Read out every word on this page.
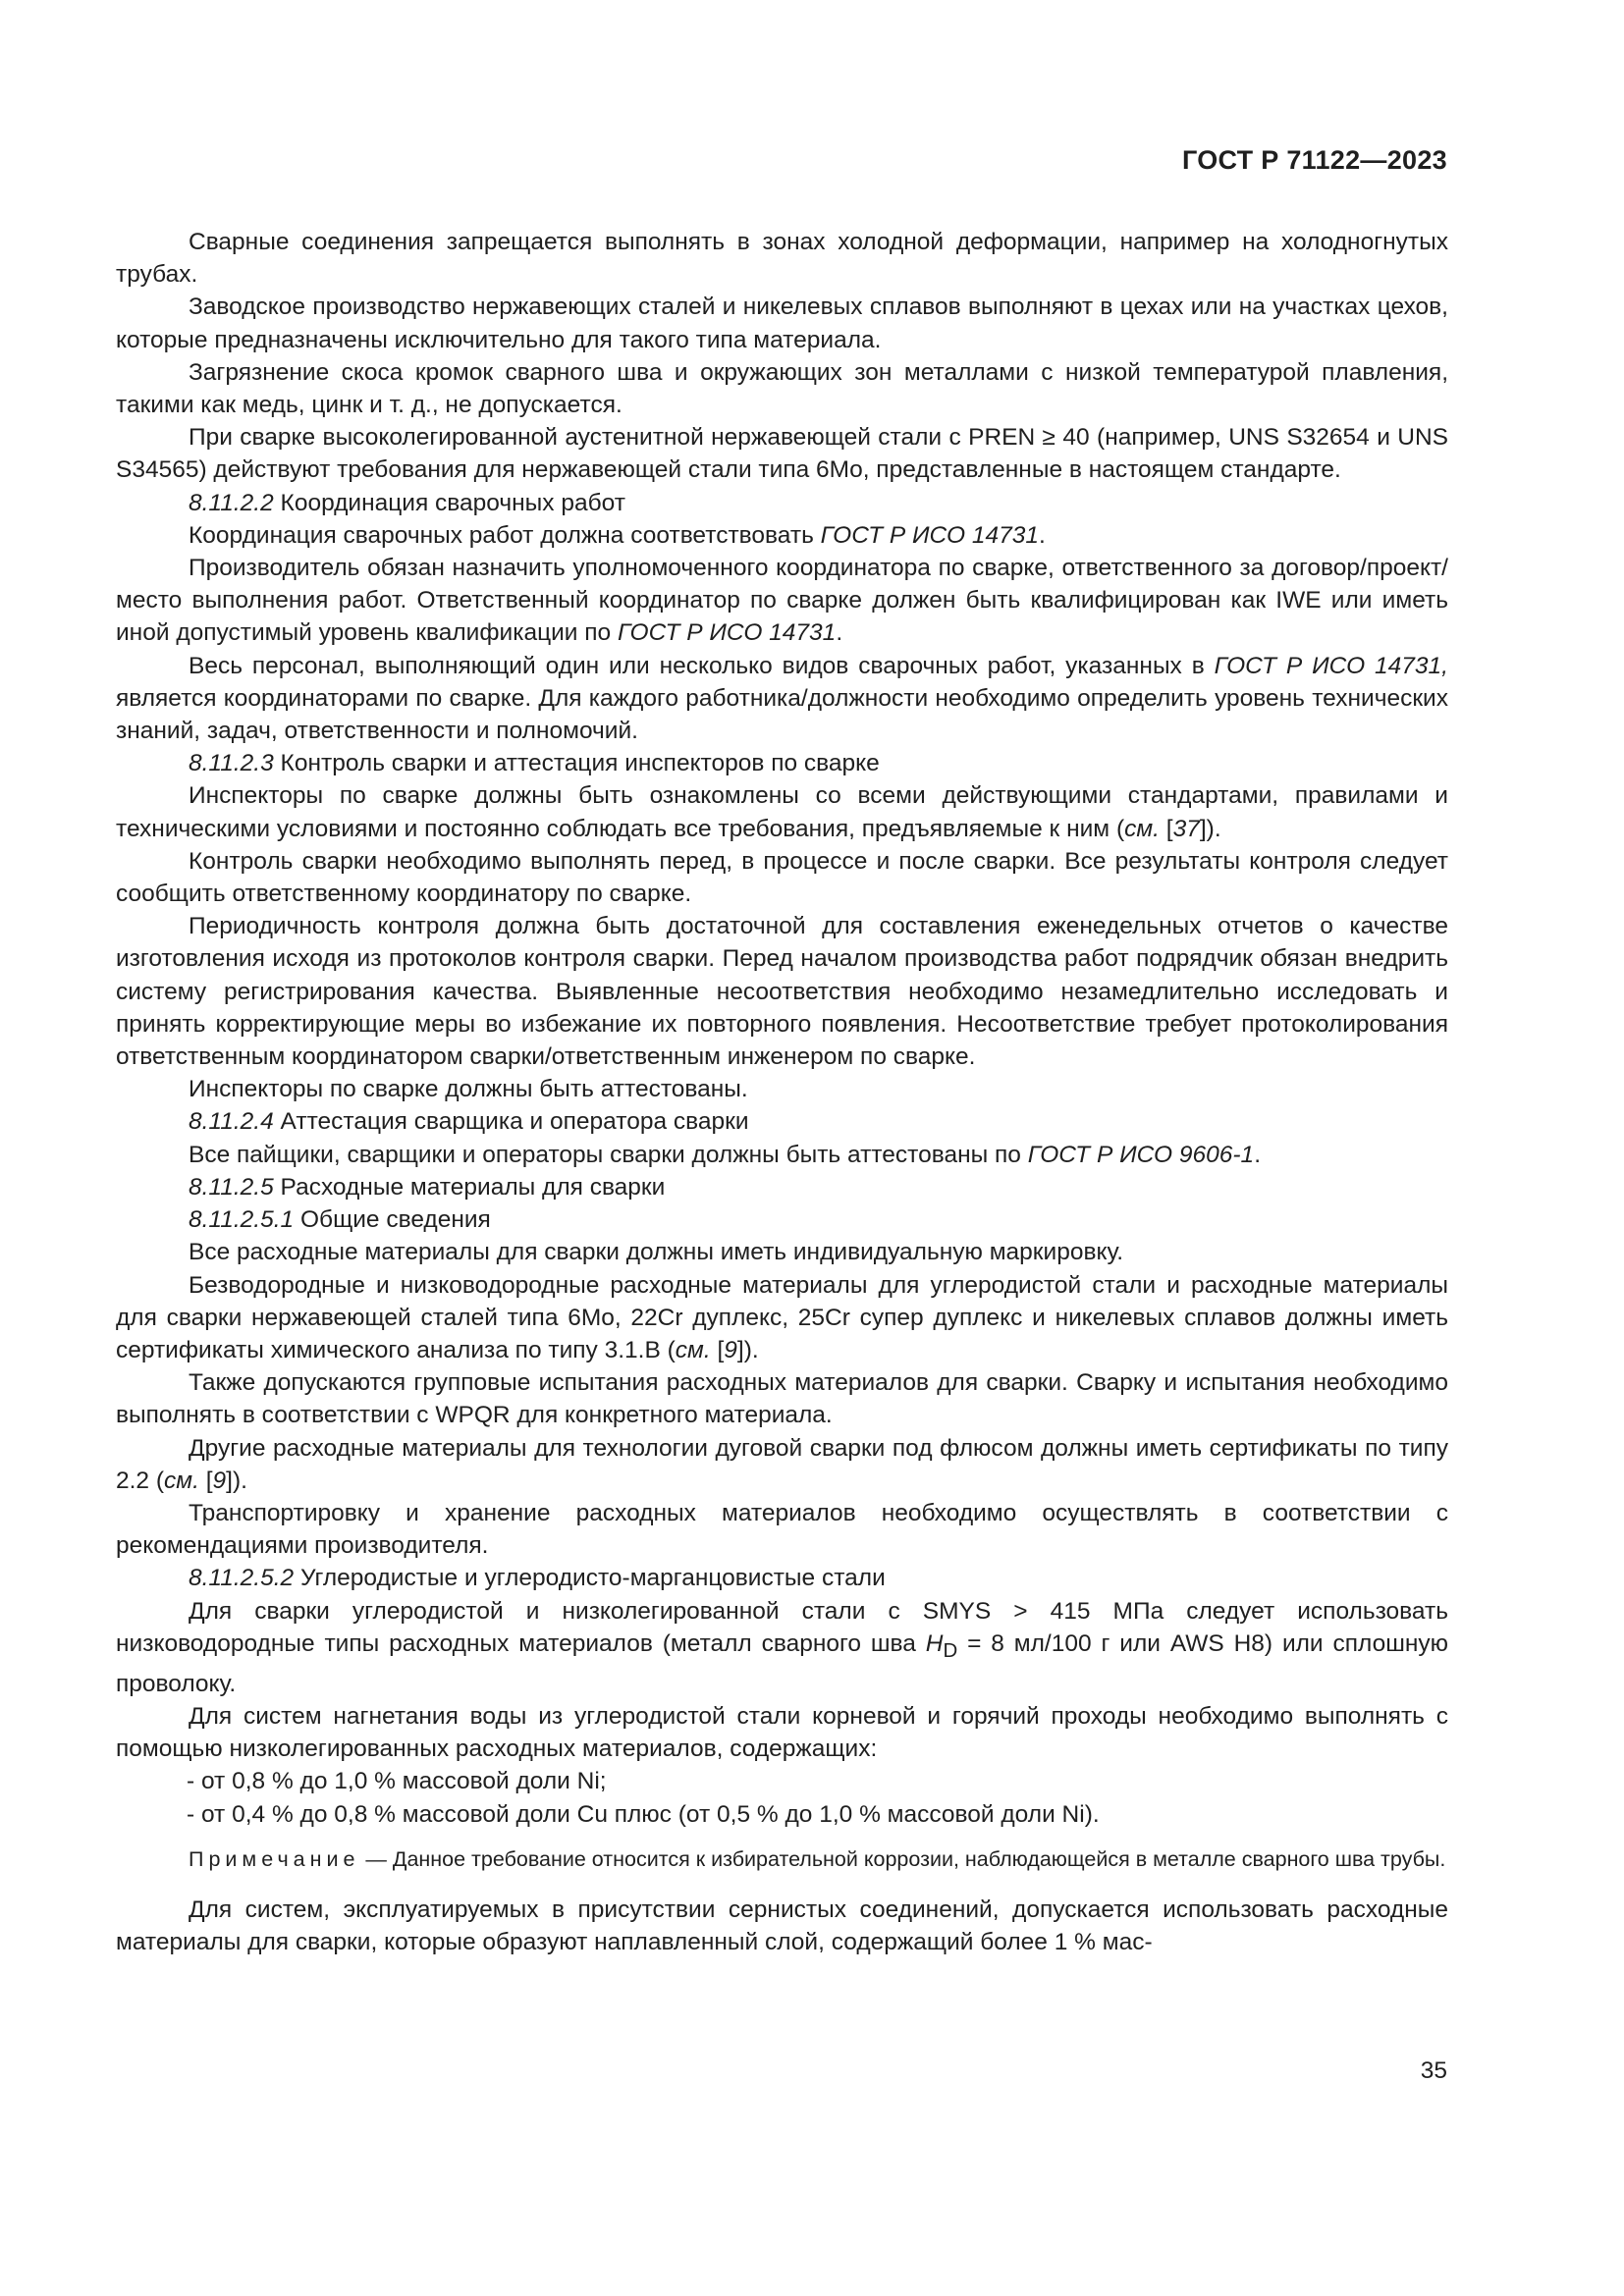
ГОСТ Р 71122—2023

Сварные соединения запрещается выполнять в зонах холодной деформации, например на холодногнутых трубах.

Заводское производство нержавеющих сталей и никелевых сплавов выполняют в цехах или на участках цехов, которые предназначены исключительно для такого типа материала.

Загрязнение скоса кромок сварного шва и окружающих зон металлами с низкой температурой плавления, такими как медь, цинк и т. д., не допускается.

При сварке высоколегированной аустенитной нержавеющей стали с PREN ≥ 40 (например, UNS S32654 и UNS S34565) действуют требования для нержавеющей стали типа 6Mo, представленные в настоящем стандарте.

8.11.2.2 Координация сварочных работ

Координация сварочных работ должна соответствовать ГОСТ Р ИСО 14731.

Производитель обязан назначить уполномоченного координатора по сварке, ответственного за договор/проект/место выполнения работ. Ответственный координатор по сварке должен быть квалифицирован как IWE или иметь иной допустимый уровень квалификации по ГОСТ Р ИСО 14731.

Весь персонал, выполняющий один или несколько видов сварочных работ, указанных в ГОСТ Р ИСО 14731, является координаторами по сварке. Для каждого работника/должности необходимо определить уровень технических знаний, задач, ответственности и полномочий.

8.11.2.3 Контроль сварки и аттестация инспекторов по сварке

Инспекторы по сварке должны быть ознакомлены со всеми действующими стандартами, правилами и техническими условиями и постоянно соблюдать все требования, предъявляемые к ним (см. [37]).

Контроль сварки необходимо выполнять перед, в процессе и после сварки. Все результаты контроля следует сообщить ответственному координатору по сварке.

Периодичность контроля должна быть достаточной для составления еженедельных отчетов о качестве изготовления исходя из протоколов контроля сварки. Перед началом производства работ подрядчик обязан внедрить систему регистрирования качества. Выявленные несоответствия необходимо незамедлительно исследовать и принять корректирующие меры во избежание их повторного появления. Несоответствие требует протоколирования ответственным координатором сварки/ответственным инженером по сварке.

Инспекторы по сварке должны быть аттестованы.

8.11.2.4 Аттестация сварщика и оператора сварки

Все пайщики, сварщики и операторы сварки должны быть аттестованы по ГОСТ Р ИСО 9606-1.

8.11.2.5 Расходные материалы для сварки

8.11.2.5.1 Общие сведения

Все расходные материалы для сварки должны иметь индивидуальную маркировку.

Безводородные и низководородные расходные материалы для углеродистой стали и расходные материалы для сварки нержавеющей сталей типа 6Mo, 22Cr дуплекс, 25Cr супер дуплекс и никелевых сплавов должны иметь сертификаты химического анализа по типу 3.1.B (см. [9]).

Также допускаются групповые испытания расходных материалов для сварки. Сварку и испытания необходимо выполнять в соответствии с WPQR для конкретного материала.

Другие расходные материалы для технологии дуговой сварки под флюсом должны иметь сертификаты по типу 2.2 (см. [9]).

Транспортировку и хранение расходных материалов необходимо осуществлять в соответствии с рекомендациями производителя.

8.11.2.5.2 Углеродистые и углеродисто-марганцовистые стали

Для сварки углеродистой и низколегированной стали с SMYS > 415 МПа следует использовать низководородные типы расходных материалов (металл сварного шва $H_D = 8$ мл/100 г или AWS H8) или сплошную проволоку.

Для систем нагнетания воды из углеродистой стали корневой и горячий проходы необходимо выполнять с помощью низколегированных расходных материалов, содержащих:

- от 0,8 % до 1,0 % массовой доли Ni;

- от 0,4 % до 0,8 % массовой доли Cu плюс (от 0,5 % до 1,0 % массовой доли Ni).

Примечание — Данное требование относится к избирательной коррозии, наблюдающейся в металле сварного шва трубы.

Для систем, эксплуатируемых в присутствии сернистых соединений, допускается использовать расходные материалы для сварки, которые образуют наплавленный слой, содержащий более 1 % мас-

35
